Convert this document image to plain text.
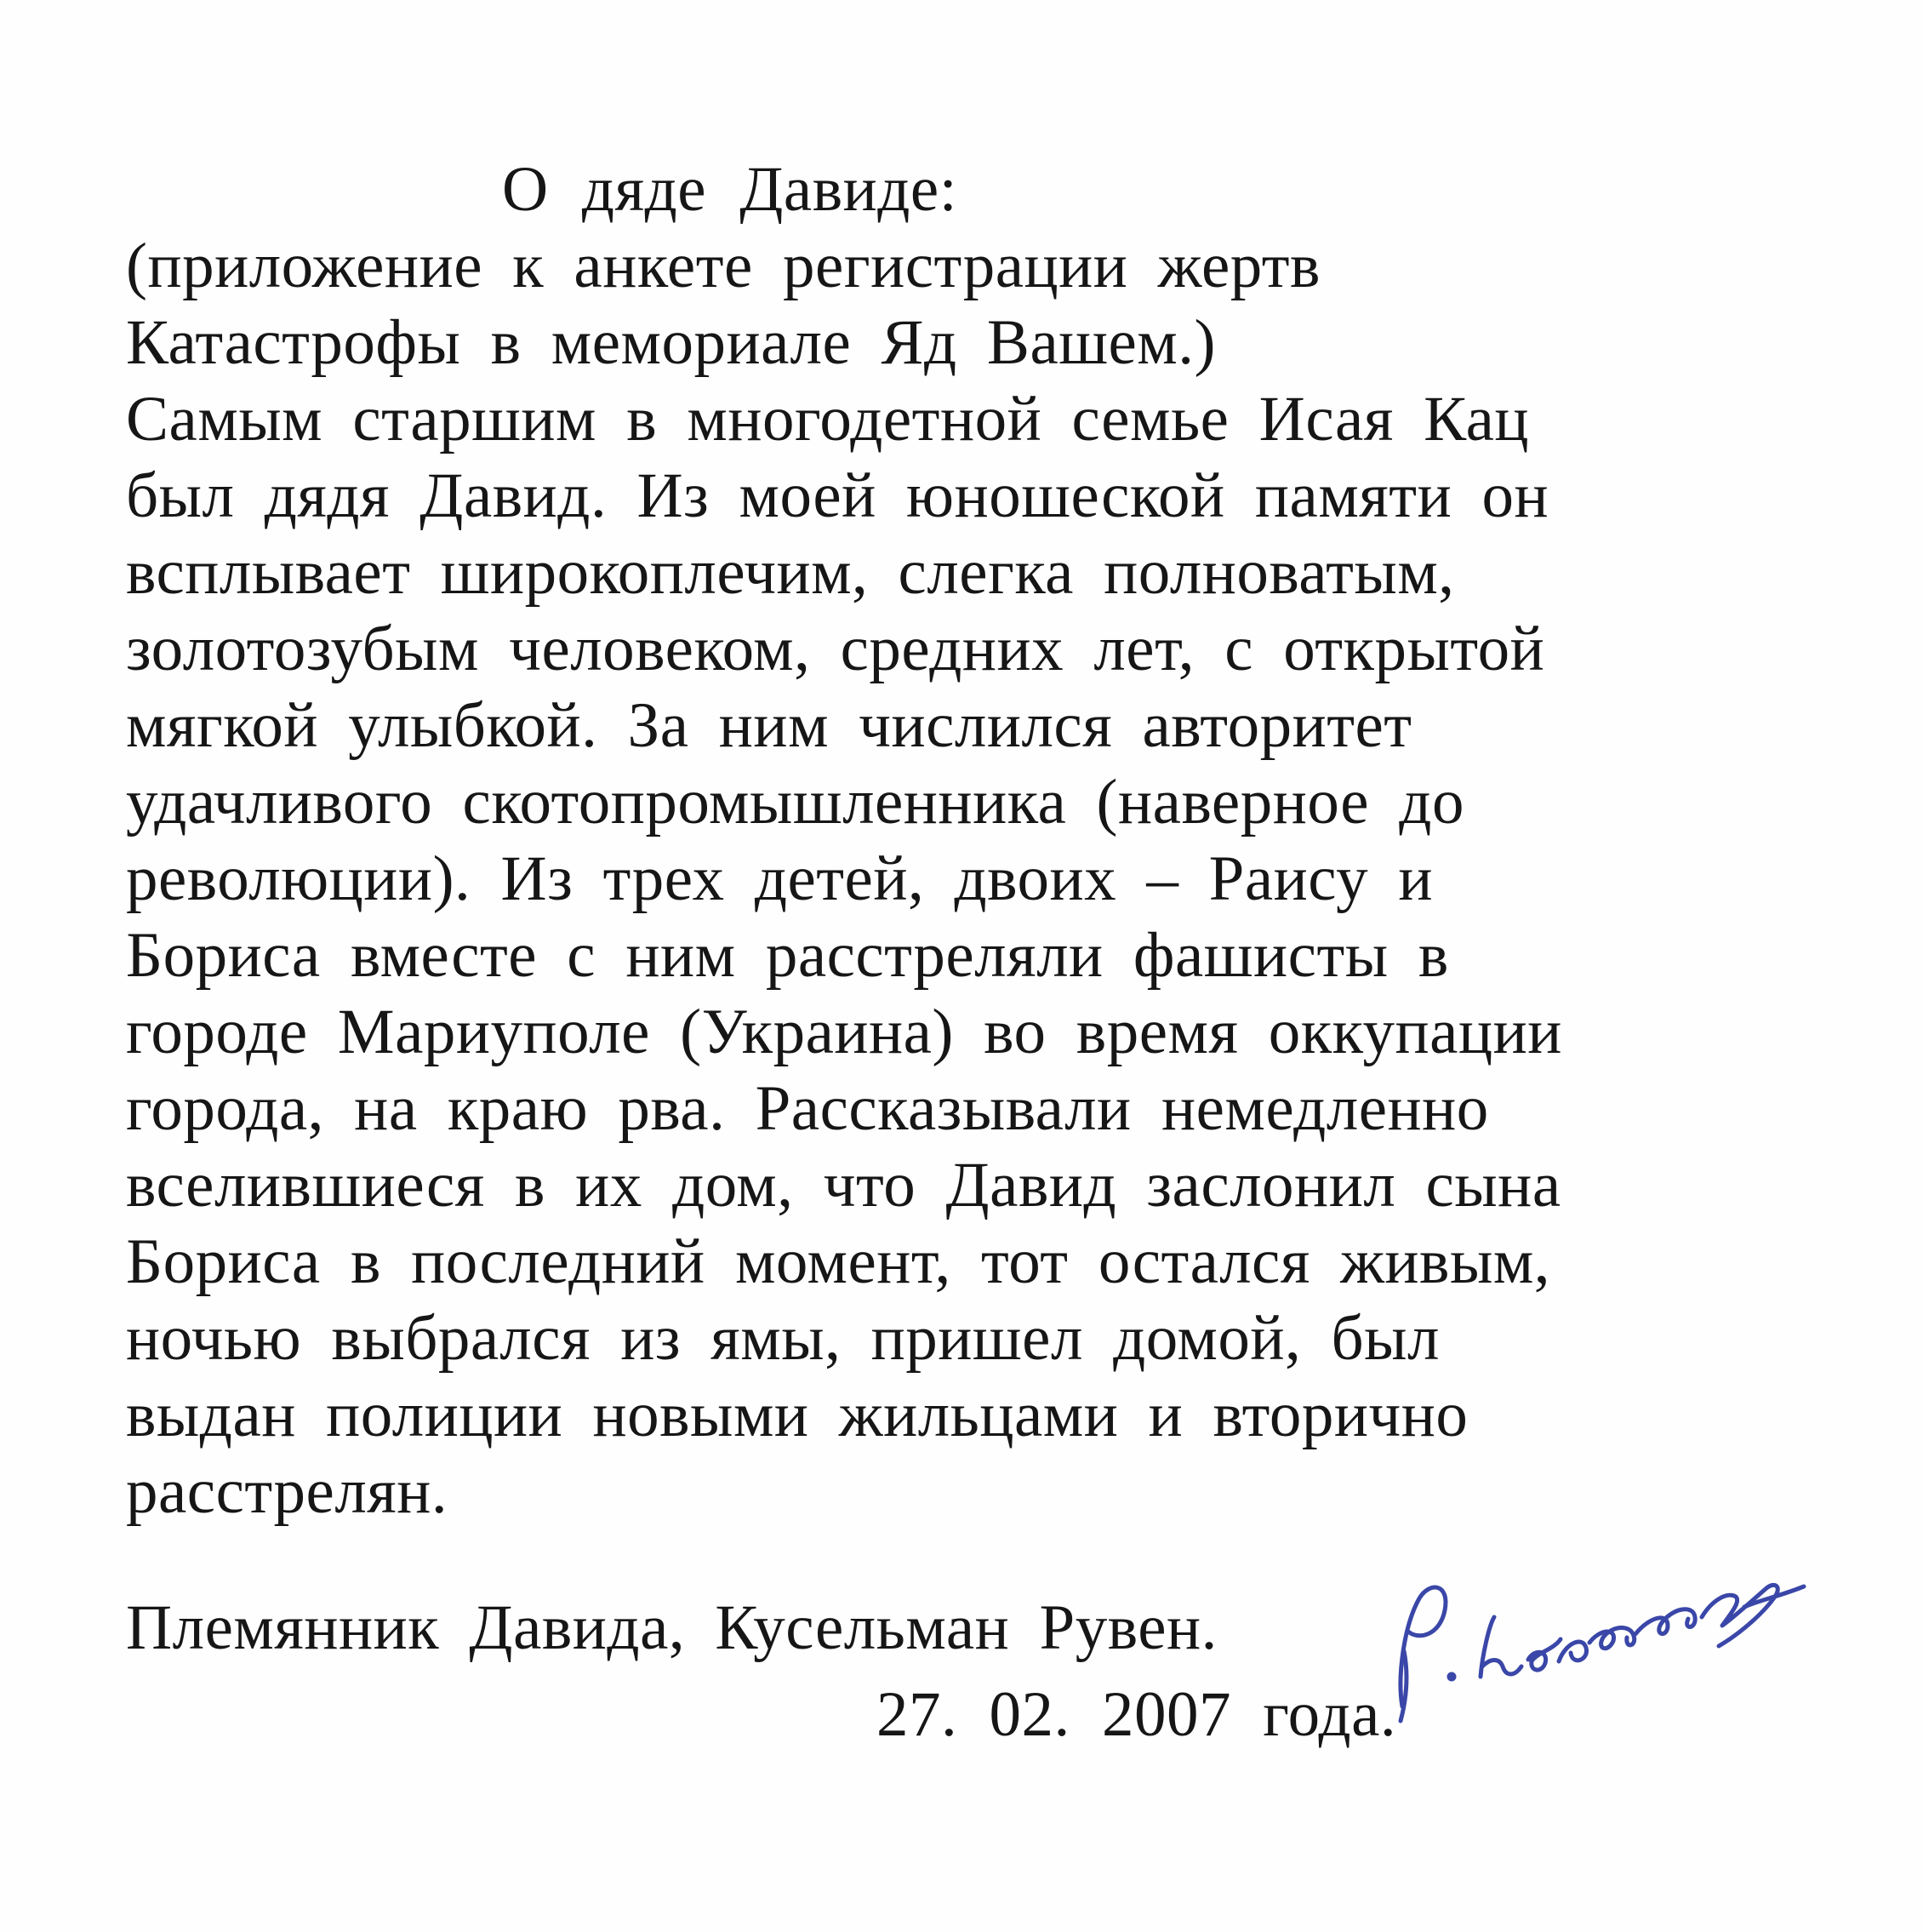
О дяде Давиде:
(приложение к анкете регистрации жертв
Катастрофы в мемориале Яд Вашем.)
Самым старшим в многодетной семье Исая Кац
был дядя Давид. Из моей юношеской памяти он
всплывает широкоплечим, слегка полноватым,
золотозубым человеком, средних лет, с открытой
мягкой улыбкой. За ним числился авторитет
удачливого скотопромышленника (наверное до
революции). Из трех детей, двоих – Раису и
Бориса вместе с ним расстреляли фашисты в
городе Мариуполе (Украина) во время оккупации
города, на краю рва. Рассказывали немедленно
вселившиеся в их дом, что Давид заслонил сына
Бориса в последний момент, тот остался живым,
ночью выбрался из ямы, пришел домой, был
выдан полиции новыми жильцами и вторично
расстрелян.
Племянник Давида, Кусельман Рувен.
27. 02. 2007 года.
